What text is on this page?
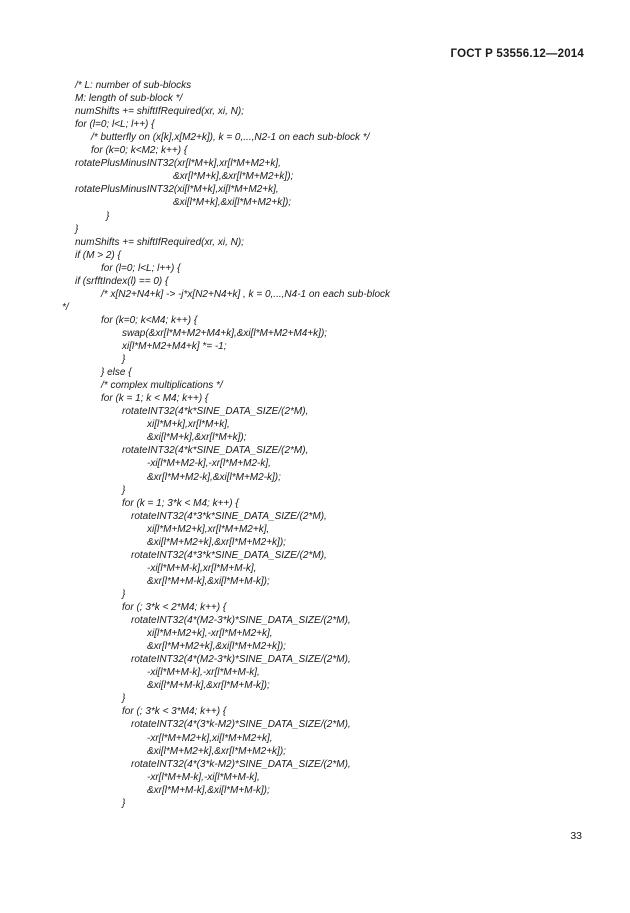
ГОСТ Р 53556.12—2014
/* L: number of sub-blocks
M: length of sub-block */
numShifts += shiftIfRequired(xr, xi, N);
for (l=0; l<L; l++) {
/* butterfly on (x[k],x[M2+k]), k = 0,...,N2-1 on each sub-block */
for (k=0; k<M2; k++) {
rotatePlusMinusINT32(xr[l*M+k],xr[l*M+M2+k],
&xr[l*M+k],&xr[l*M+M2+k]);
rotatePlusMinusINT32(xi[l*M+k],xi[l*M+M2+k],
&xi[l*M+k],&xi[l*M+M2+k]);
}
}
numShifts += shiftIfRequired(xr, xi, N);
if (M > 2) {
for (l=0; l<L; l++) {
if (srfftIndex(l) == 0) {
/* x[N2+N4+k] -> -j*x[N2+N4+k] , k = 0,...,N4-1 on each sub-block
*/
for (k=0; k<M4; k++) {
swap(&xr[l*M+M2+M4+k],&xi[l*M+M2+M4+k]);
xi[l*M+M2+M4+k] *= -1;
}
} else {
/* complex multiplications */
for (k = 1; k < M4; k++) {
rotateINT32(4*k*SINE_DATA_SIZE/(2*M),
xi[l*M+k],xr[l*M+k],
&xi[l*M+k],&xr[l*M+k]);
rotateINT32(4*k*SINE_DATA_SIZE/(2*M),
-xi[l*M+M2-k],-xr[l*M+M2-k],
&xr[l*M+M2-k],&xi[l*M+M2-k]);
}
for (k = 1; 3*k < M4; k++) {
rotateINT32(4*3*k*SINE_DATA_SIZE/(2*M),
xi[l*M+M2+k],xr[l*M+M2+k],
&xi[l*M+M2+k],&xr[l*M+M2+k]);
rotateINT32(4*3*k*SINE_DATA_SIZE/(2*M),
-xi[l*M+M-k],xr[l*M+M-k],
&xr[l*M+M-k],&xi[l*M+M-k]);
}
for (; 3*k < 2*M4; k++) {
rotateINT32(4*(M2-3*k)*SINE_DATA_SIZE/(2*M),
xi[l*M+M2+k],-xr[l*M+M2+k],
&xr[l*M+M2+k],&xi[l*M+M2+k]);
rotateINT32(4*(M2-3*k)*SINE_DATA_SIZE/(2*M),
-xi[l*M+M-k],-xr[l*M+M-k],
&xi[l*M+M-k],&xr[l*M+M-k]);
}
for (; 3*k < 3*M4; k++) {
rotateINT32(4*(3*k-M2)*SINE_DATA_SIZE/(2*M),
-xr[l*M+M2+k],xi[l*M+M2+k],
&xi[l*M+M2+k],&xr[l*M+M2+k]);
rotateINT32(4*(3*k-M2)*SINE_DATA_SIZE/(2*M),
-xr[l*M+M-k],-xi[l*M+M-k],
&xr[l*M+M-k],&xi[l*M+M-k]);
}
33
